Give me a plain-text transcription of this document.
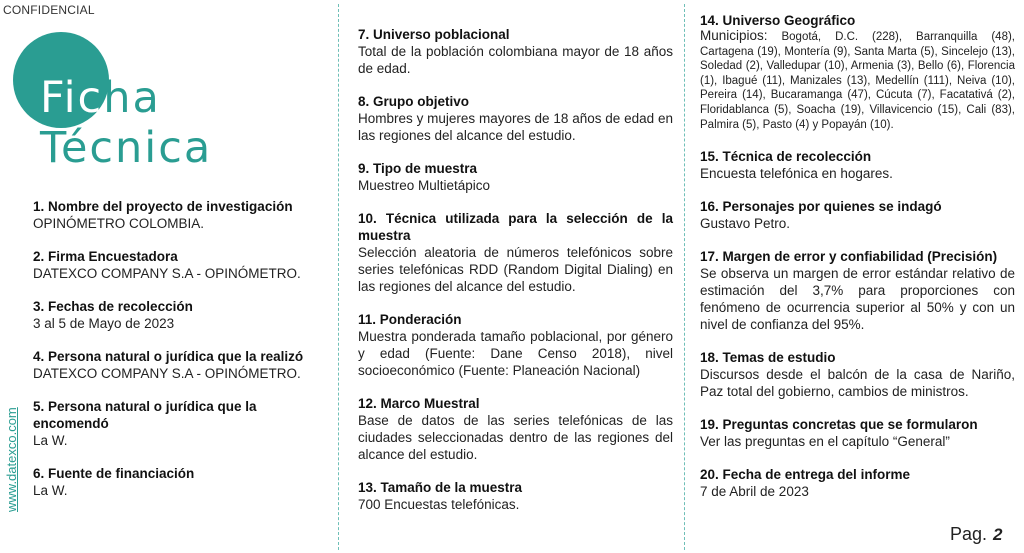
CONFIDENCIAL
Ficha
Técnica
www.datexco.com
1. Nombre del proyecto de investigación

OPINÓMETRO COLOMBIA.

2. Firma Encuestadora

DATEXCO COMPANY S.A - OPINÓMETRO.

3. Fechas de recolección

3 al 5 de Mayo de 2023

4. Persona natural o jurídica que la realizó

DATEXCO COMPANY S.A - OPINÓMETRO.

5. Persona natural o jurídica que la encomendó

La W.

6. Fuente de financiación

La W.

7. Universo poblacional

Total de la población colombiana mayor de 18 años de edad.

8. Grupo objetivo

Hombres y mujeres mayores de 18 años de edad en las regiones del alcance del estudio.

9. Tipo de muestra

Muestreo Multietápico

10. Técnica utilizada para la selección de la muestra

Selección aleatoria de números telefónicos sobre series telefónicas RDD (Random Digital Dialing) en las regiones del alcance del estudio.

11. Ponderación

Muestra ponderada tamaño poblacional, por género y edad (Fuente: Dane Censo 2018), nivel socioeconómico (Fuente: Planeación Nacional)

12. Marco Muestral

Base de datos de las series telefónicas de las ciudades seleccionadas dentro de las regiones del alcance del estudio.

13. Tamaño de la muestra

700 Encuestas telefónicas.

14. Universo Geográfico

Municipios: Bogotá, D.C. (228), Barranquilla (48), Cartagena (19), Montería (9), Santa Marta (5), Sincelejo (13), Soledad (2), Valledupar (10), Armenia (3), Bello (6), Florencia (1), Ibagué (11), Manizales (13), Medellín (111), Neiva (10), Pereira (14), Bucaramanga (47), Cúcuta (7), Facatativá (2), Floridablanca (5), Soacha (19), Villavicencio (15), Cali (83), Palmira (5), Pasto (4) y Popayán (10).

15. Técnica de recolección

Encuesta telefónica en hogares.

16. Personajes por quienes se indagó

Gustavo Petro.

17. Margen de error y confiabilidad (Precisión)

Se observa un margen de error estándar relativo de estimación del 3,7% para proporciones con fenómeno de ocurrencia superior al 50% y con un nivel de confianza del 95%.

18. Temas de estudio

Discursos desde el balcón de la casa de Nariño, Paz total del gobierno, cambios de ministros.

19. Preguntas concretas que se formularon

Ver las preguntas en el capítulo “General”

20. Fecha de entrega del informe

7 de Abril de 2023

Pag. 2
